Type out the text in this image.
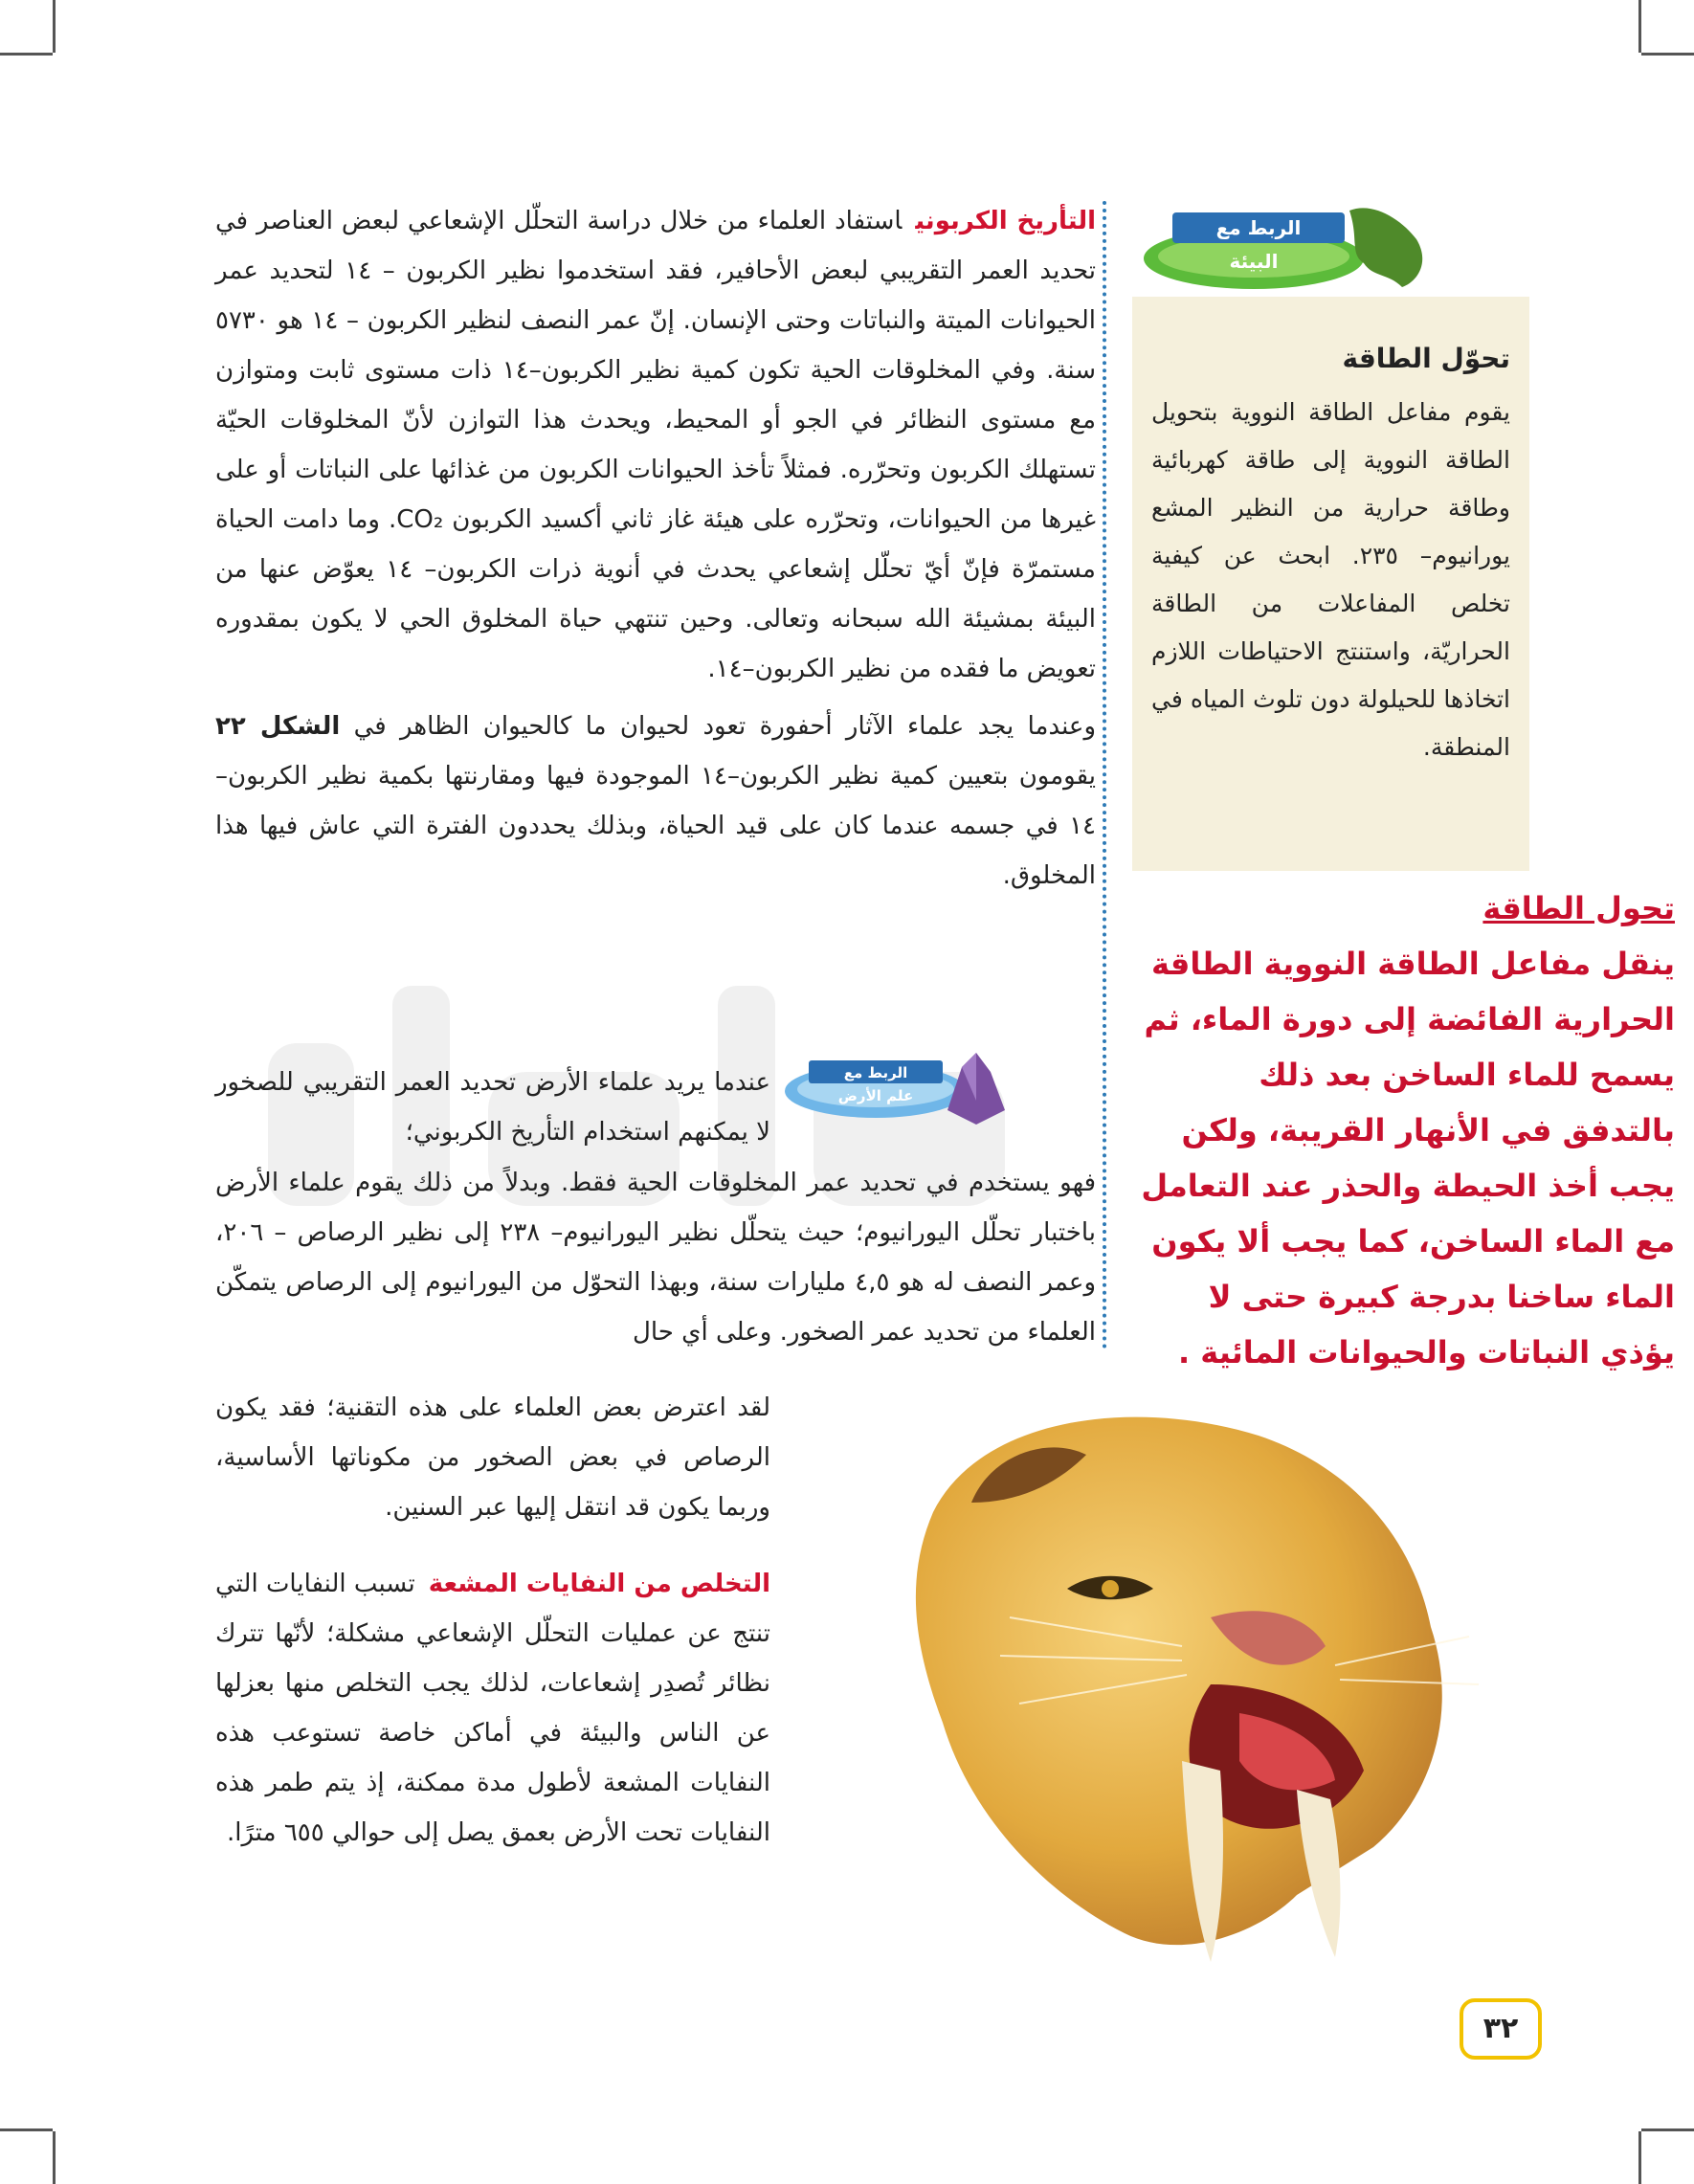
التأريخ الكربونياستفاد العلماء من خلال دراسة التحلّل الإشعاعي لبعض العناصر في تحديد العمر التقريبي لبعض الأحافير، فقد استخدموا نظير الكربون – ١٤ لتحديد عمر الحيوانات الميتة والنباتات وحتى الإنسان. إنّ عمر النصف لنظير الكربون – ١٤ هو ٥٧٣٠ سنة. وفي المخلوقات الحية تكون كمية نظير الكربون–١٤ ذات مستوى ثابت ومتوازن مع مستوى النظائر في الجو أو المحيط، ويحدث هذا التوازن لأنّ المخلوقات الحيّة تستهلك الكربون وتحرّره. فمثلاً تأخذ الحيوانات الكربون من غذائها على النباتات أو على غيرها من الحيوانات، وتحرّره على هيئة غاز ثاني أكسيد الكربون CO₂. وما دامت الحياة مستمرّة فإنّ أيّ تحلّل إشعاعي يحدث في أنوية ذرات الكربون– ١٤ يعوّض عنها من البيئة بمشيئة الله سبحانه وتعالى. وحين تنتهي حياة المخلوق الحي لا يكون بمقدوره تعويض ما فقده من نظير الكربون–١٤.

وعندما يجد علماء الآثار أحفورة تعود لحيوان ما كالحيوان الظاهر في الشكل ٢٢ يقومون بتعيين كمية نظير الكربون–١٤ الموجودة فيها ومقارنتها بكمية نظير الكربون– ١٤ في جسمه عندما كان على قيد الحياة، وبذلك يحددون الفترة التي عاش فيها هذا المخلوق.

الربط مع
البيئة
تحوّل الطاقة
يقوم مفاعل الطاقة النووية بتحويل الطاقة النووية إلى طاقة كهربائية وطاقة حرارية من النظير المشع يورانيوم– ٢٣٥. ابحث عن كيفية تخلص المفاعلات من الطاقة الحراريّة، واستنتج الاحتياطات اللازم اتخاذها للحيلولة دون تلوث المياه في المنطقة.
الربط مع
علم الأرض
عندما يريد علماء الأرض تحديد العمر التقريبي للصخور لا يمكنهم استخدام التأريخ الكربوني؛
فهو يستخدم في تحديد عمر المخلوقات الحية فقط. وبدلاً من ذلك يقوم علماء الأرض باختبار تحلّل اليورانيوم؛ حيث يتحلّل نظير اليورانيوم– ٢٣٨ إلى نظير الرصاص – ٢٠٦، وعمر النصف له هو ٤,٥ مليارات سنة، وبهذا التحوّل من اليورانيوم إلى الرصاص يتمكّن العلماء من تحديد عمر الصخور. وعلى أي حال

لقد اعترض بعض العلماء على هذه التقنية؛ فقد يكون الرصاص في بعض الصخور من مكوناتها الأساسية، وربما يكون قد انتقل إليها عبر السنين.

التخلص من النفايات المشعةتسبب النفايات التي تنتج عن عمليات التحلّل الإشعاعي مشكلة؛ لأنّها تترك نظائر تُصدِر إشعاعات، لذلك يجب التخلص منها بعزلها عن الناس والبيئة في أماكن خاصة تستوعب هذه النفايات المشعة لأطول مدة ممكنة، إذ يتم طمر هذه النفايات تحت الأرض بعمق يصل إلى حوالي ٦٥٥ مترًا.

تحول الطاقة
ينقل مفاعل الطاقة النووية الطاقة الحرارية الفائضة إلى دورة الماء، ثم يسمح للماء الساخن بعد ذلك بالتدفق في الأنهار القريبة، ولكن يجب أخذ الحيطة والحذر عند التعامل مع الماء الساخن، كما يجب ألا يكون الماء ساخنا بدرجة كبيرة حتى لا يؤذي النباتات والحيوانات المائية .
٣٢
